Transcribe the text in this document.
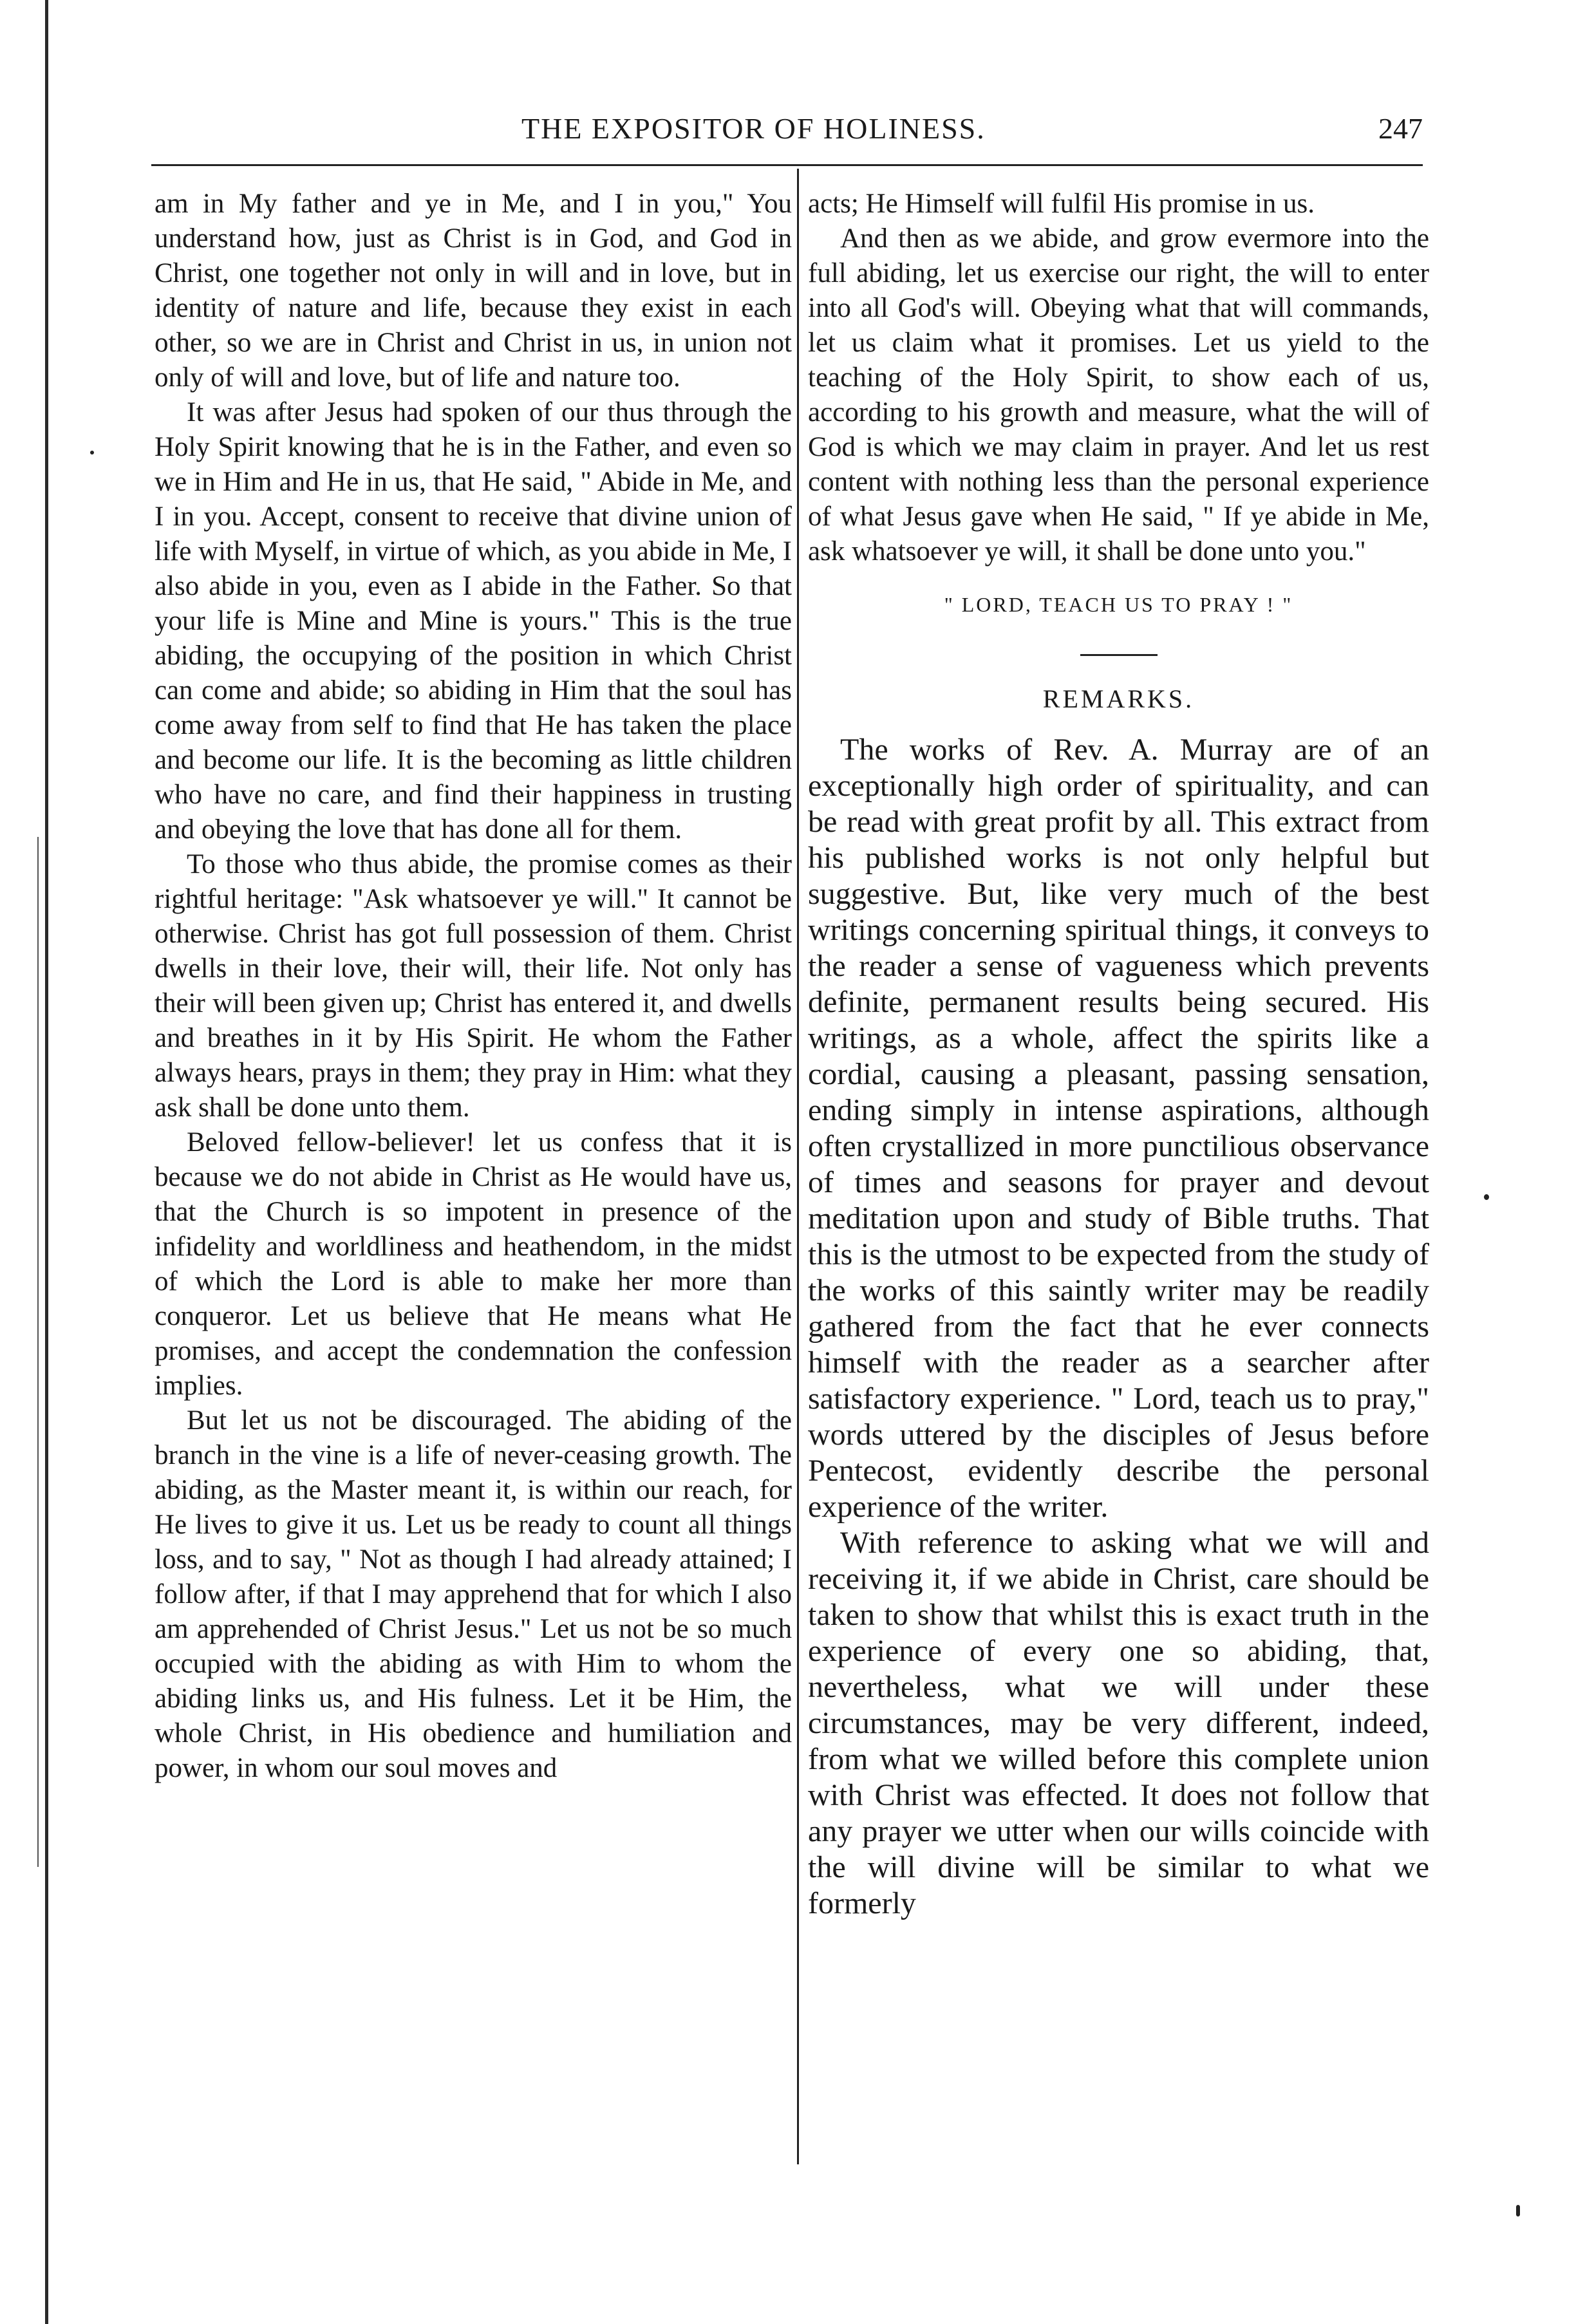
THE EXPOSITOR OF HOLINESS.	247

am in My father and ye in Me, and I in you," You understand how, just as Christ is in God, and God in Christ, one together not only in will and in love, but in identity of nature and life, because they exist in each other, so we are in Christ and Christ in us, in union not only of will and love, but of life and nature too.

It was after Jesus had spoken of our thus through the Holy Spirit knowing that he is in the Father, and even so we in Him and He in us, that He said, " Abide in Me, and I in you. Accept, consent to receive that divine union of life with Myself, in virtue of which, as you abide in Me, I also abide in you, even as I abide in the Father. So that your life is Mine and Mine is yours." This is the true abiding, the occupying of the position in which Christ can come and abide; so abiding in Him that the soul has come away from self to find that He has taken the place and become our life. It is the becoming as little children who have no care, and find their happiness in trusting and obeying the love that has done all for them.

To those who thus abide, the promise comes as their rightful heritage: "Ask whatsoever ye will." It cannot be otherwise. Christ has got full possession of them. Christ dwells in their love, their will, their life. Not only has their will been given up; Christ has entered it, and dwells and breathes in it by His Spirit. He whom the Father always hears, prays in them; they pray in Him: what they ask shall be done unto them.

Beloved fellow-believer! let us confess that it is because we do not abide in Christ as He would have us, that the Church is so impotent in presence of the infidelity and worldliness and heathendom, in the midst of which the Lord is able to make her more than conqueror. Let us believe that He means what He promises, and accept the condemnation the confession implies.

But let us not be discouraged. The abiding of the branch in the vine is a life of never-ceasing growth. The abiding, as the Master meant it, is within our reach, for He lives to give it us. Let us be ready to count all things loss, and to say, " Not as though I had already attained; I follow after, if that I may apprehend that for which I also am apprehended of Christ Jesus." Let us not be so much occupied with the abiding as with Him to whom the abiding links us, and His fulness. Let it be Him, the whole Christ, in His obedience and humiliation and power, in whom our soul moves and

acts; He Himself will fulfil His promise in us.

And then as we abide, and grow evermore into the full abiding, let us exercise our right, the will to enter into all God's will. Obeying what that will commands, let us claim what it promises. Let us yield to the teaching of the Holy Spirit, to show each of us, according to his growth and measure, what the will of God is which we may claim in prayer. And let us rest content with nothing less than the personal experience of what Jesus gave when He said, " If ye abide in Me, ask whatsoever ye will, it shall be done unto you."

" LORD, TEACH US TO PRAY ! "
REMARKS.

The works of Rev. A. Murray are of an exceptionally high order of spirituality, and can be read with great profit by all. This extract from his published works is not only helpful but suggestive. But, like very much of the best writings concerning spiritual things, it conveys to the reader a sense of vagueness which prevents definite, permanent results being secured. His writings, as a whole, affect the spirits like a cordial, causing a pleasant, passing sensation, ending simply in intense aspirations, although often crystallized in more punctilious observance of times and seasons for prayer and devout meditation upon and study of Bible truths. That this is the utmost to be expected from the study of the works of this saintly writer may be readily gathered from the fact that he ever connects himself with the reader as a searcher after satisfactory experience. " Lord, teach us to pray," words uttered by the disciples of Jesus before Pentecost, evidently describe the personal experience of the writer.

With reference to asking what we will and receiving it, if we abide in Christ, care should be taken to show that whilst this is exact truth in the experience of every one so abiding, that, nevertheless, what we will under these circumstances, may be very different, indeed, from what we willed before this complete union with Christ was effected. It does not follow that any prayer we utter when our wills coincide with the will divine will be similar to what we formerly
